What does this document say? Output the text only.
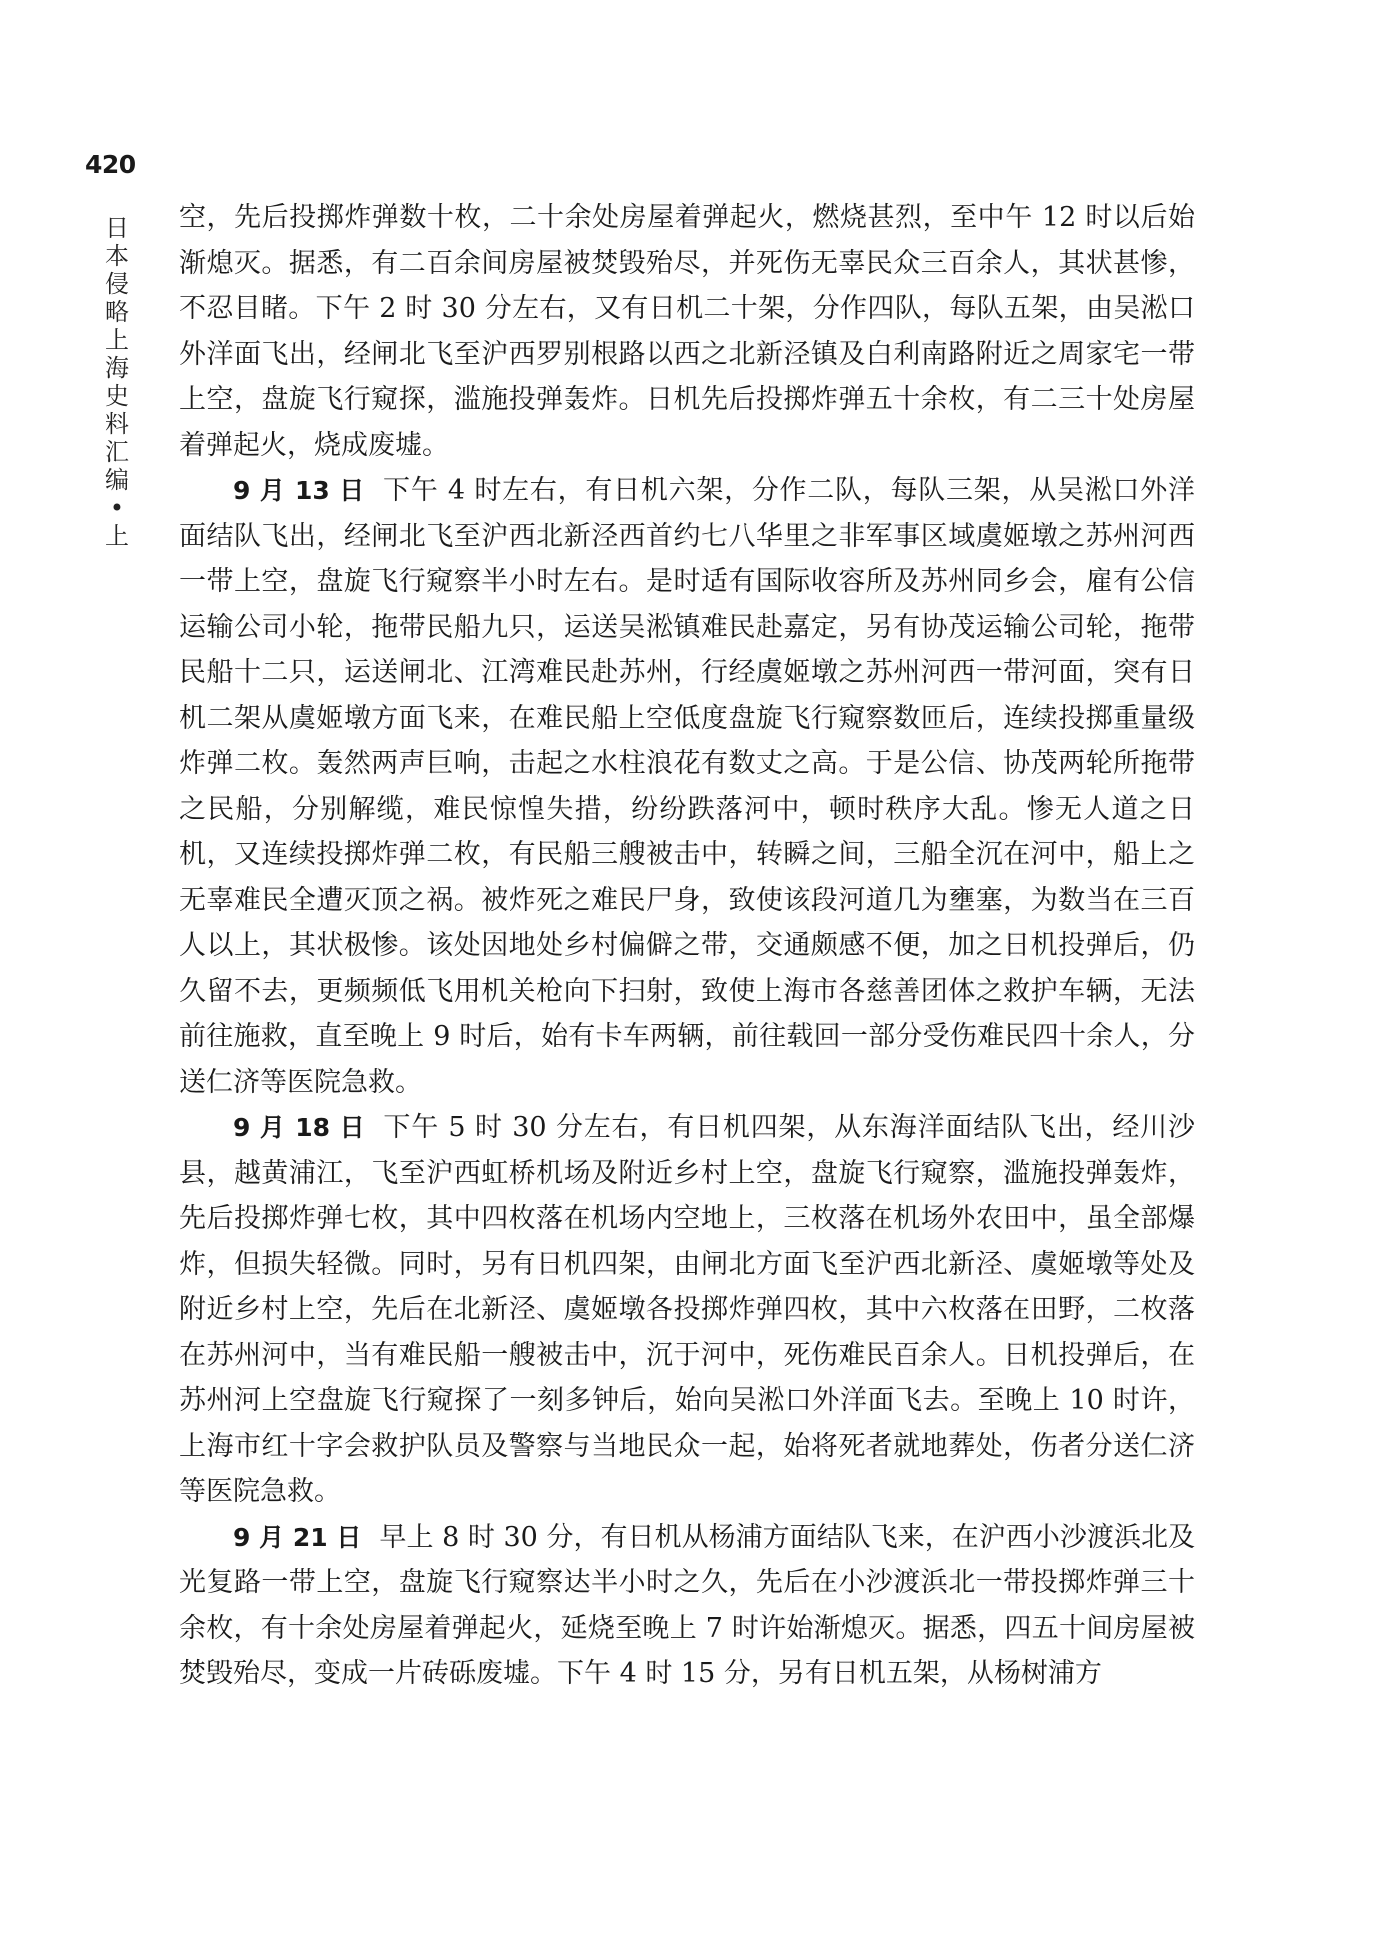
420
日本侵略上海史料汇编•上

空，先后投掷炸弹数十枚，二十余处房屋着弹起火，燃烧甚烈，至中午 12 时以后始渐熄灭。据悉，有二百余间房屋被焚毁殆尽，并死伤无辜民众三百余人，其状甚惨，不忍目睹。下午 2 时 30 分左右，又有日机二十架，分作四队，每队五架，由吴淞口外洋面飞出，经闸北飞至沪西罗别根路以西之北新泾镇及白利南路附近之周家宅一带上空，盘旋飞行窥探，滥施投弹轰炸。日机先后投掷炸弹五十余枚，有二三十处房屋着弹起火，烧成废墟。

9 月 13 日 下午 4 时左右，有日机六架，分作二队，每队三架，从吴淞口外洋面结队飞出，经闸北飞至沪西北新泾西首约七八华里之非军事区域虞姬墩之苏州河西一带上空，盘旋飞行窥察半小时左右。是时适有国际收容所及苏州同乡会，雇有公信运输公司小轮，拖带民船九只，运送吴淞镇难民赴嘉定，另有协茂运输公司轮，拖带民船十二只，运送闸北、江湾难民赴苏州，行经虞姬墩之苏州河西一带河面，突有日机二架从虞姬墩方面飞来，在难民船上空低度盘旋飞行窥察数匝后，连续投掷重量级炸弹二枚。轰然两声巨响，击起之水柱浪花有数丈之高。于是公信、协茂两轮所拖带之民船，分别解缆，难民惊惶失措，纷纷跌落河中，顿时秩序大乱。惨无人道之日机，又连续投掷炸弹二枚，有民船三艘被击中，转瞬之间，三船全沉在河中，船上之无辜难民全遭灭顶之祸。被炸死之难民尸身，致使该段河道几为壅塞，为数当在三百人以上，其状极惨。该处因地处乡村偏僻之带，交通颇感不便，加之日机投弹后，仍久留不去，更频频低飞用机关枪向下扫射，致使上海市各慈善团体之救护车辆，无法前往施救，直至晚上 9 时后，始有卡车两辆，前往载回一部分受伤难民四十余人，分送仁济等医院急救。

9 月 18 日 下午 5 时 30 分左右，有日机四架，从东海洋面结队飞出，经川沙县，越黄浦江，飞至沪西虹桥机场及附近乡村上空，盘旋飞行窥察，滥施投弹轰炸，先后投掷炸弹七枚，其中四枚落在机场内空地上，三枚落在机场外农田中，虽全部爆炸，但损失轻微。同时，另有日机四架，由闸北方面飞至沪西北新泾、虞姬墩等处及附近乡村上空，先后在北新泾、虞姬墩各投掷炸弹四枚，其中六枚落在田野，二枚落在苏州河中，当有难民船一艘被击中，沉于河中，死伤难民百余人。日机投弹后，在苏州河上空盘旋飞行窥探了一刻多钟后，始向吴淞口外洋面飞去。至晚上 10 时许，上海市红十字会救护队员及警察与当地民众一起，始将死者就地葬处，伤者分送仁济等医院急救。

9 月 21 日 早上 8 时 30 分，有日机从杨浦方面结队飞来，在沪西小沙渡浜北及光复路一带上空，盘旋飞行窥察达半小时之久，先后在小沙渡浜北一带投掷炸弹三十余枚，有十余处房屋着弹起火，延烧至晚上 7 时许始渐熄灭。据悉，四五十间房屋被焚毁殆尽，变成一片砖砾废墟。下午 4 时 15 分，另有日机五架，从杨树浦方
